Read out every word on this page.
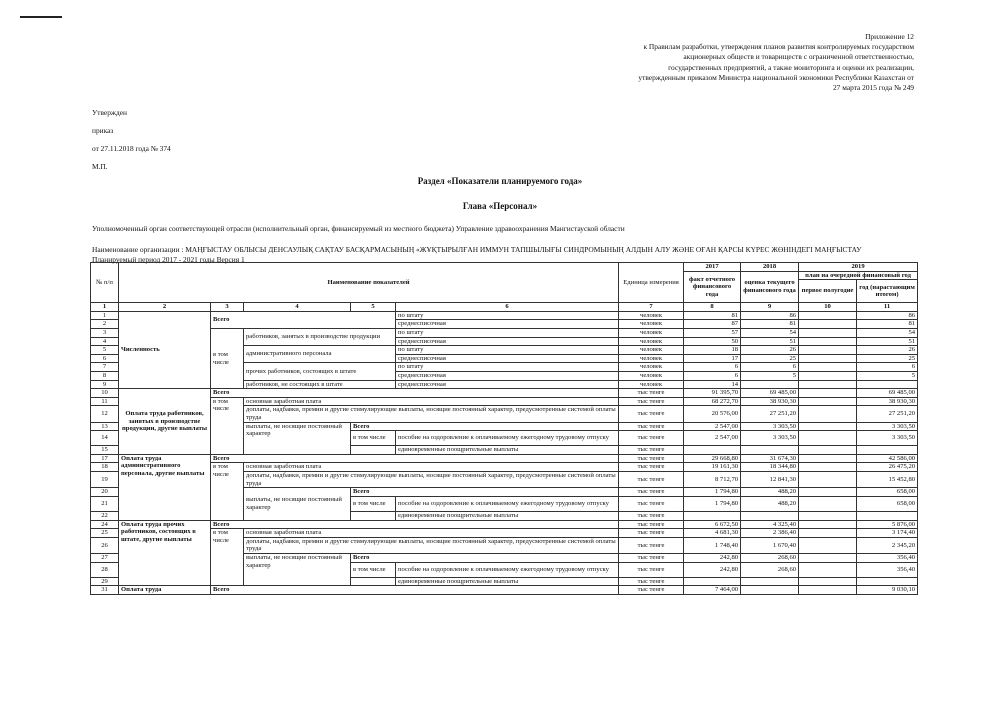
Приложение 12
к Правилам разработки, утверждения планов развития контролируемых государством
акционерных обществ и товариществ с ограниченной ответственностью,
государственных предприятий, а также мониторинга и оценки их реализации,
утвержденным приказом Министра национальной экономики Республики Казахстан от
27 марта 2015 года № 249
Утвержден
приказ
от 27.11.2018 года № 374
М.П.
Раздел «Показатели планируемого года»
Глава «Персонал»
Уполномоченный орган соответствующей отрасли (исполнительный орган, финансируемый из местного бюджета) Управление здравоохранения Мангистауской области
Наименование организации : МАҢҒЫСТАУ ОБЛЫСЫ ДЕНСАУЛЫҚ САҚТАУ БАСҚАРМАСЫНЫҢ «ЖҰҚТЫРЫЛҒАН ИММУН ТАПШЫЛЫҒЫ СИНДРОМЫНЫҢ АЛДЫН АЛУ ЖӘНЕ ОҒАН ҚАРСЫ КҮРЕС ЖӨНІНДЕГІ МАҢҒЫСТАУ
Планируемый период 2017 - 2021 годы Версия 1
№ п/п	Наименование показателей					Единица измерения	2017	2018	2019	
							факт отчетного финансового года	оценка текущего финансового года	план на очередной финансовый год	
									первое полугодие	год (нарастающим итогом)
1	2	3	4	5	6	7	8	9	10	11
1	Численность	Всего			по штату	человек	81	86		86
2					среднесписочная	человек	87	81		81
3		в том числе	работников, занятых в производстве продукции		по штату	человек	57	54		54
4					среднесписочная	человек	50	51		51
5			административного персонала		по штату	человек	18	26		26
6					среднесписочная	человек	17	25		25
7			прочих работников, состоящих в штате		по штату	человек	6	6		6
8					среднесписочная	человек	6	5		5
9			работников, не состоящих в штате		среднесписочная	человек	14			
10	Оплата труда работников, занятых в производстве продукции, другие выплаты	Всего				тыс тенге	91 395,70	69 485,00		69 485,00
11		в том числе	основная заработная плата			тыс тенге	68 272,70	38 930,30		38 930,30
12			доплаты, надбавки, премии и другие стимулирующие выплаты, носящие постоянный характер, предусмотренные системой оплаты труда			тыс тенге	20 576,00	27 251,20		27 251,20
13			выплаты, не носящие постоянный характер	Всего		тыс тенге	2 547,00	3 303,50		3 303,50
14				в том числе	пособие на оздоровление к оплачиваемому ежегодному трудовому отпуску	тыс тенге	2 547,00	3 303,50		3 303,50
15					единовременные поощрительные выплаты	тыс тенге				
17	Оплата труда административного персонала, другие выплаты	Всего				тыс тенге	29 668,80	31 674,30		42 586,00
18		в том числе	основная заработная плата			тыс тенге	19 161,30	18 344,80		26 475,20
19			доплаты, надбавки, премии и другие стимулирующие выплаты, носящие постоянный характер, предусмотренные системой оплаты труда			тыс тенге	8 712,70	12 841,30		15 452,80
20			выплаты, не носящие постоянный характер	Всего		тыс тенге	1 794,80	488,20		658,00
21				в том числе	пособие на оздоровление к оплачиваемому ежегодному трудовому отпуску	тыс тенге	1 794,80	488,20		658,00
22					единовременные поощрительные выплаты	тыс тенге				
24	Оплата труда прочих работников, состоящих в штате, другие выплаты	Всего				тыс тенге	6 672,50	4 325,40		5 876,00
25		в том числе	основная заработная плата			тыс тенге	4 681,30	2 386,40		3 174,40
26			доплаты, надбавки, премии и другие стимулирующие выплаты, носящие постоянный характер, предусмотренные системой оплаты труда			тыс тенге	1 748,40	1 670,40		2 345,20
27			выплаты, не носящие постоянный характер	Всего		тыс тенге	242,80	268,60		356,40
28				в том числе	пособие на оздоровление к оплачиваемому ежегодному трудовому отпуску	тыс тенге	242,80	268,60		356,40
29					единовременные поощрительные выплаты	тыс тенге				
31	Оплата труда	Всего				тыс тенге	7 464,00			9 030,10
